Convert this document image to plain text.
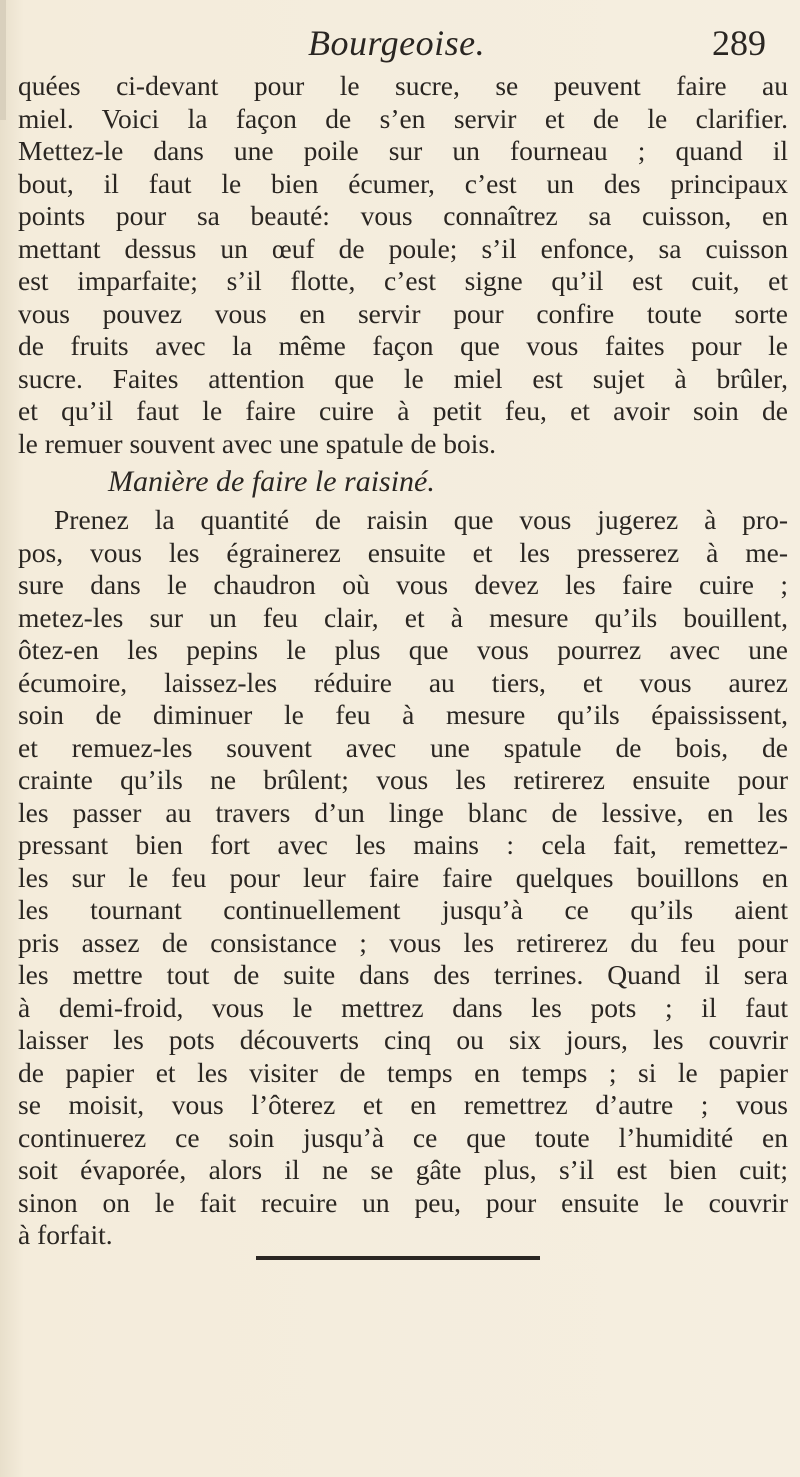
Bourgeoise.	289
quées ci-devant pour le sucre, se peuvent faire au
miel. Voici la façon de s’en servir et de le clarifier.
Mettez-le dans une poile sur un fourneau ; quand il
bout, il faut le bien écumer, c’est un des principaux
points pour sa beauté: vous connaîtrez sa cuisson, en
mettant dessus un œuf de poule; s’il enfonce, sa cuisson
est imparfaite; s’il flotte, c’est signe qu’il est cuit, et
vous pouvez vous en servir pour confire toute sorte
de fruits avec la même façon que vous faites pour le
sucre. Faites attention que le miel est sujet à brûler,
et qu’il faut le faire cuire à petit feu, et avoir soin de
le remuer souvent avec une spatule de bois.
Manière de faire le raisiné.
Prenez la quantité de raisin que vous jugerez à pro-
pos, vous les égrainerez ensuite et les presserez à me-
sure dans le chaudron où vous devez les faire cuire ;
metez-les sur un feu clair, et à mesure qu’ils bouillent,
ôtez-en les pepins le plus que vous pourrez avec une
écumoire, laissez-les réduire au tiers, et vous aurez
soin de diminuer le feu à mesure qu’ils épaississent,
et remuez-les souvent avec une spatule de bois, de
crainte qu’ils ne brûlent; vous les retirerez ensuite pour
les passer au travers d’un linge blanc de lessive, en les
pressant bien fort avec les mains : cela fait, remettez-
les sur le feu pour leur faire faire quelques bouillons en
les tournant continuellement jusqu’à ce qu’ils aient
pris assez de consistance ; vous les retirerez du feu pour
les mettre tout de suite dans des terrines. Quand il sera
à demi-froid, vous le mettrez dans les pots ; il faut
laisser les pots découverts cinq ou six jours, les couvrir
de papier et les visiter de temps en temps ; si le papier
se moisit, vous l’ôterez et en remettrez d’autre ; vous
continuerez ce soin jusqu’à ce que toute l’humidité en
soit évaporée, alors il ne se gâte plus, s’il est bien cuit;
sinon on le fait recuire un peu, pour ensuite le couvrir
à forfait.
